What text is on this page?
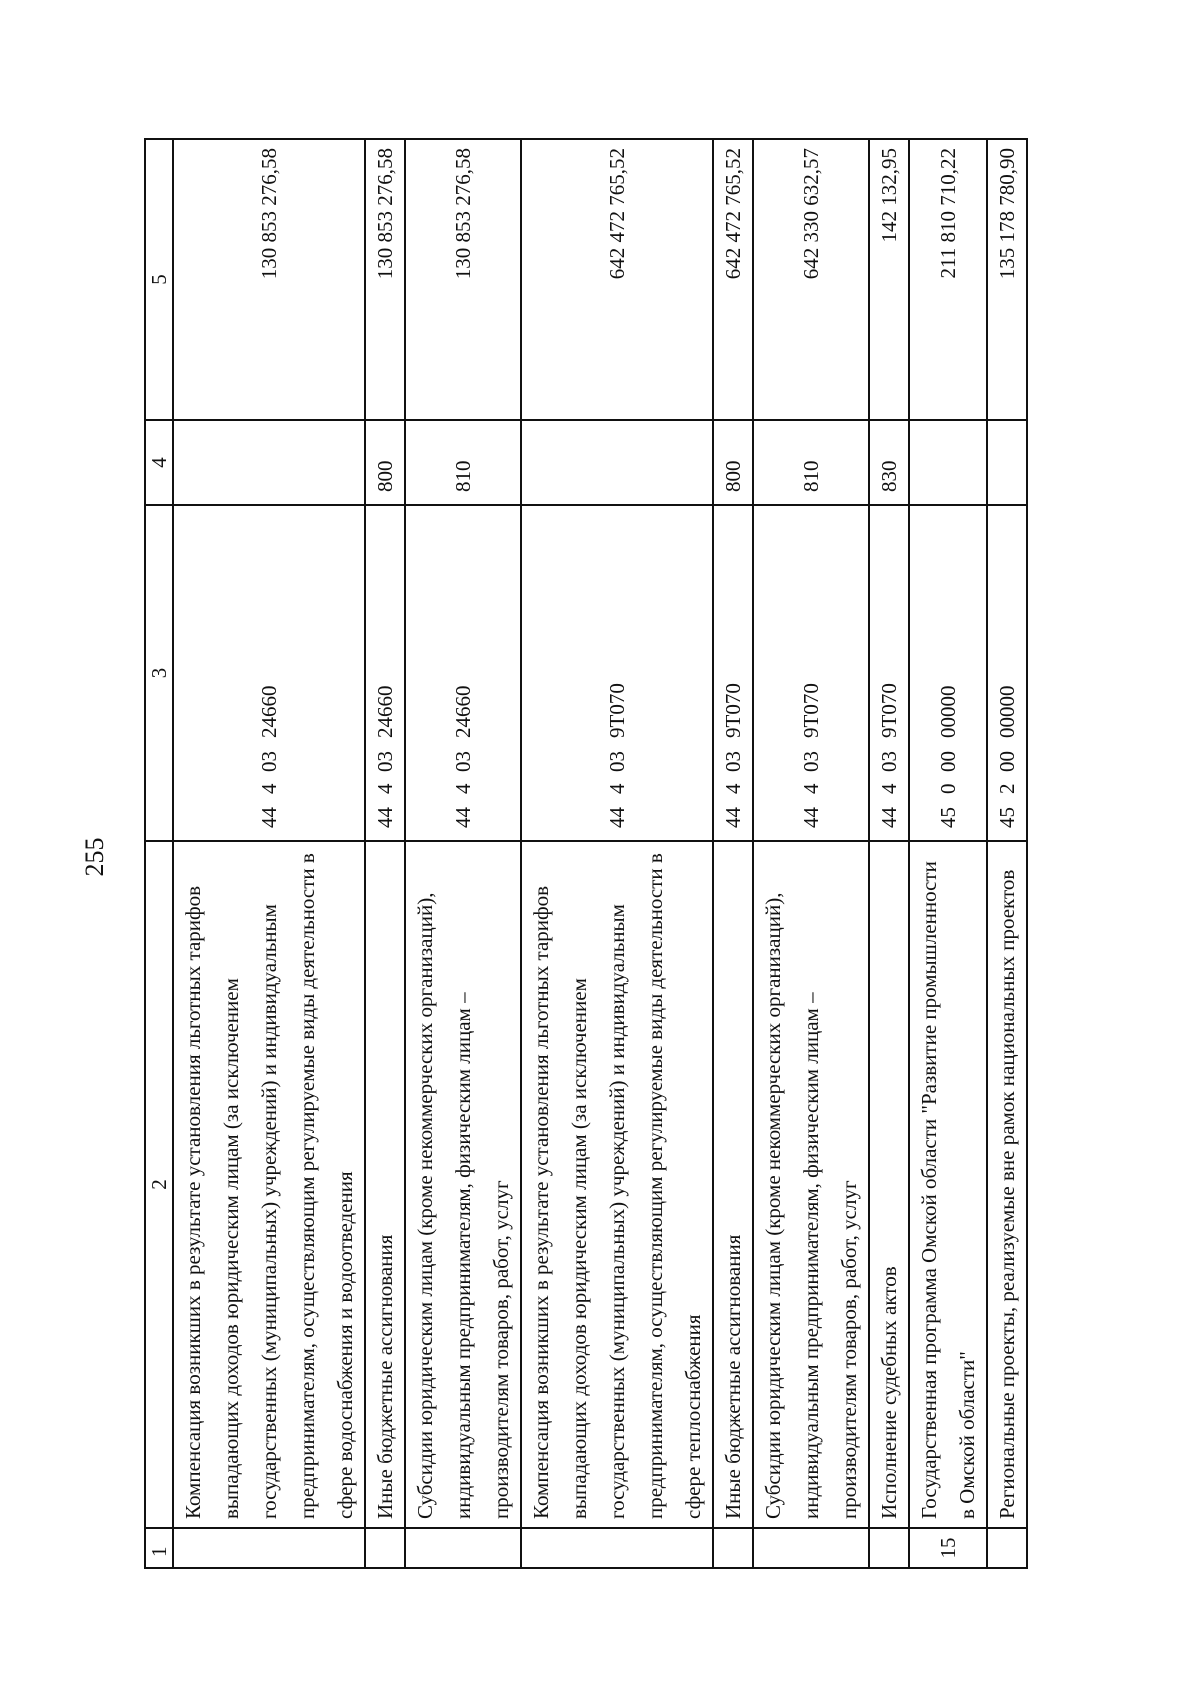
255
1	2	3	4	5
	Компенсация возникших в результате установления льготных тарифов выпадающих доходов юридическим лицам (за исключением государственных (муниципальных) учреждений) и индивидуальным предпринимателям, осуществляющим регулируемые виды деятельности в сфере водоснабжения и водоотведения	4440324660		130 853 276,58
	Иные бюджетные ассигнования	4440324660	800	130 853 276,58
	Субсидии юридическим лицам (кроме некоммерческих организаций), индивидуальным предпринимателям, физическим лицам – производителям товаров, работ, услуг	4440324660	810	130 853 276,58
	Компенсация возникших в результате установления льготных тарифов выпадающих доходов юридическим лицам (за исключением государственных (муниципальных) учреждений) и индивидуальным предпринимателям, осуществляющим регулируемые виды деятельности в сфере теплоснабжения	444039Т070		642 472 765,52
	Иные бюджетные ассигнования	444039Т070	800	642 472 765,52
	Субсидии юридическим лицам (кроме некоммерческих организаций), индивидуальным предпринимателям, физическим лицам – производителям товаров, работ, услуг	444039Т070	810	642 330 632,57
	Исполнение судебных актов	444039Т070	830	142 132,95
15	Государственная программа Омской области "Развитие промышленности в Омской области"	4500000000		211 810 710,22
	Региональные проекты, реализуемые вне рамок национальных проектов	4520000000		135 178 780,90
